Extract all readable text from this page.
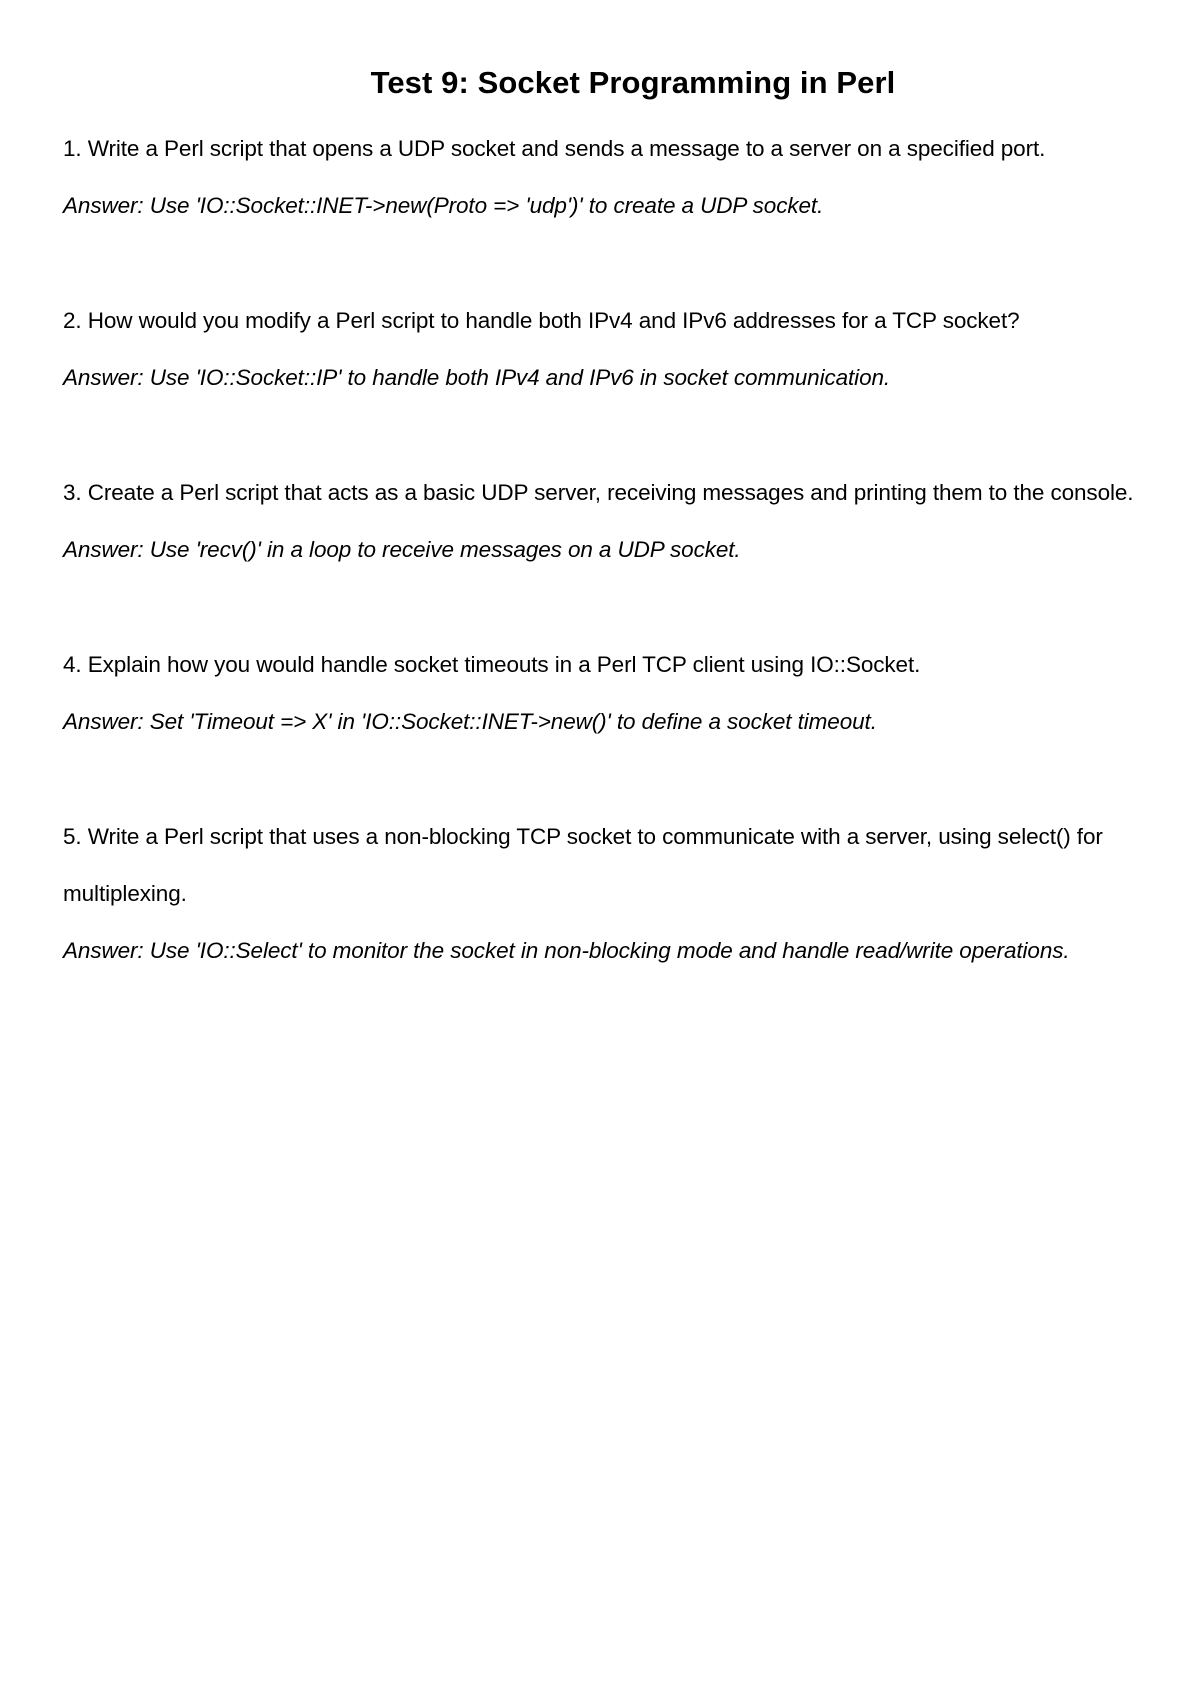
Test 9: Socket Programming in Perl

1. Write a Perl script that opens a UDP socket and sends a message to a server on a specified port.

Answer: Use 'IO::Socket::INET->new(Proto => 'udp')' to create a UDP socket.

2. How would you modify a Perl script to handle both IPv4 and IPv6 addresses for a TCP socket?

Answer: Use 'IO::Socket::IP' to handle both IPv4 and IPv6 in socket communication.

3. Create a Perl script that acts as a basic UDP server, receiving messages and printing them to the console.

Answer: Use 'recv()' in a loop to receive messages on a UDP socket.

4. Explain how you would handle socket timeouts in a Perl TCP client using IO::Socket.

Answer: Set 'Timeout => X' in 'IO::Socket::INET->new()' to define a socket timeout.

5. Write a Perl script that uses a non-blocking TCP socket to communicate with a server, using select() for multiplexing.

Answer: Use 'IO::Select' to monitor the socket in non-blocking mode and handle read/write operations.
